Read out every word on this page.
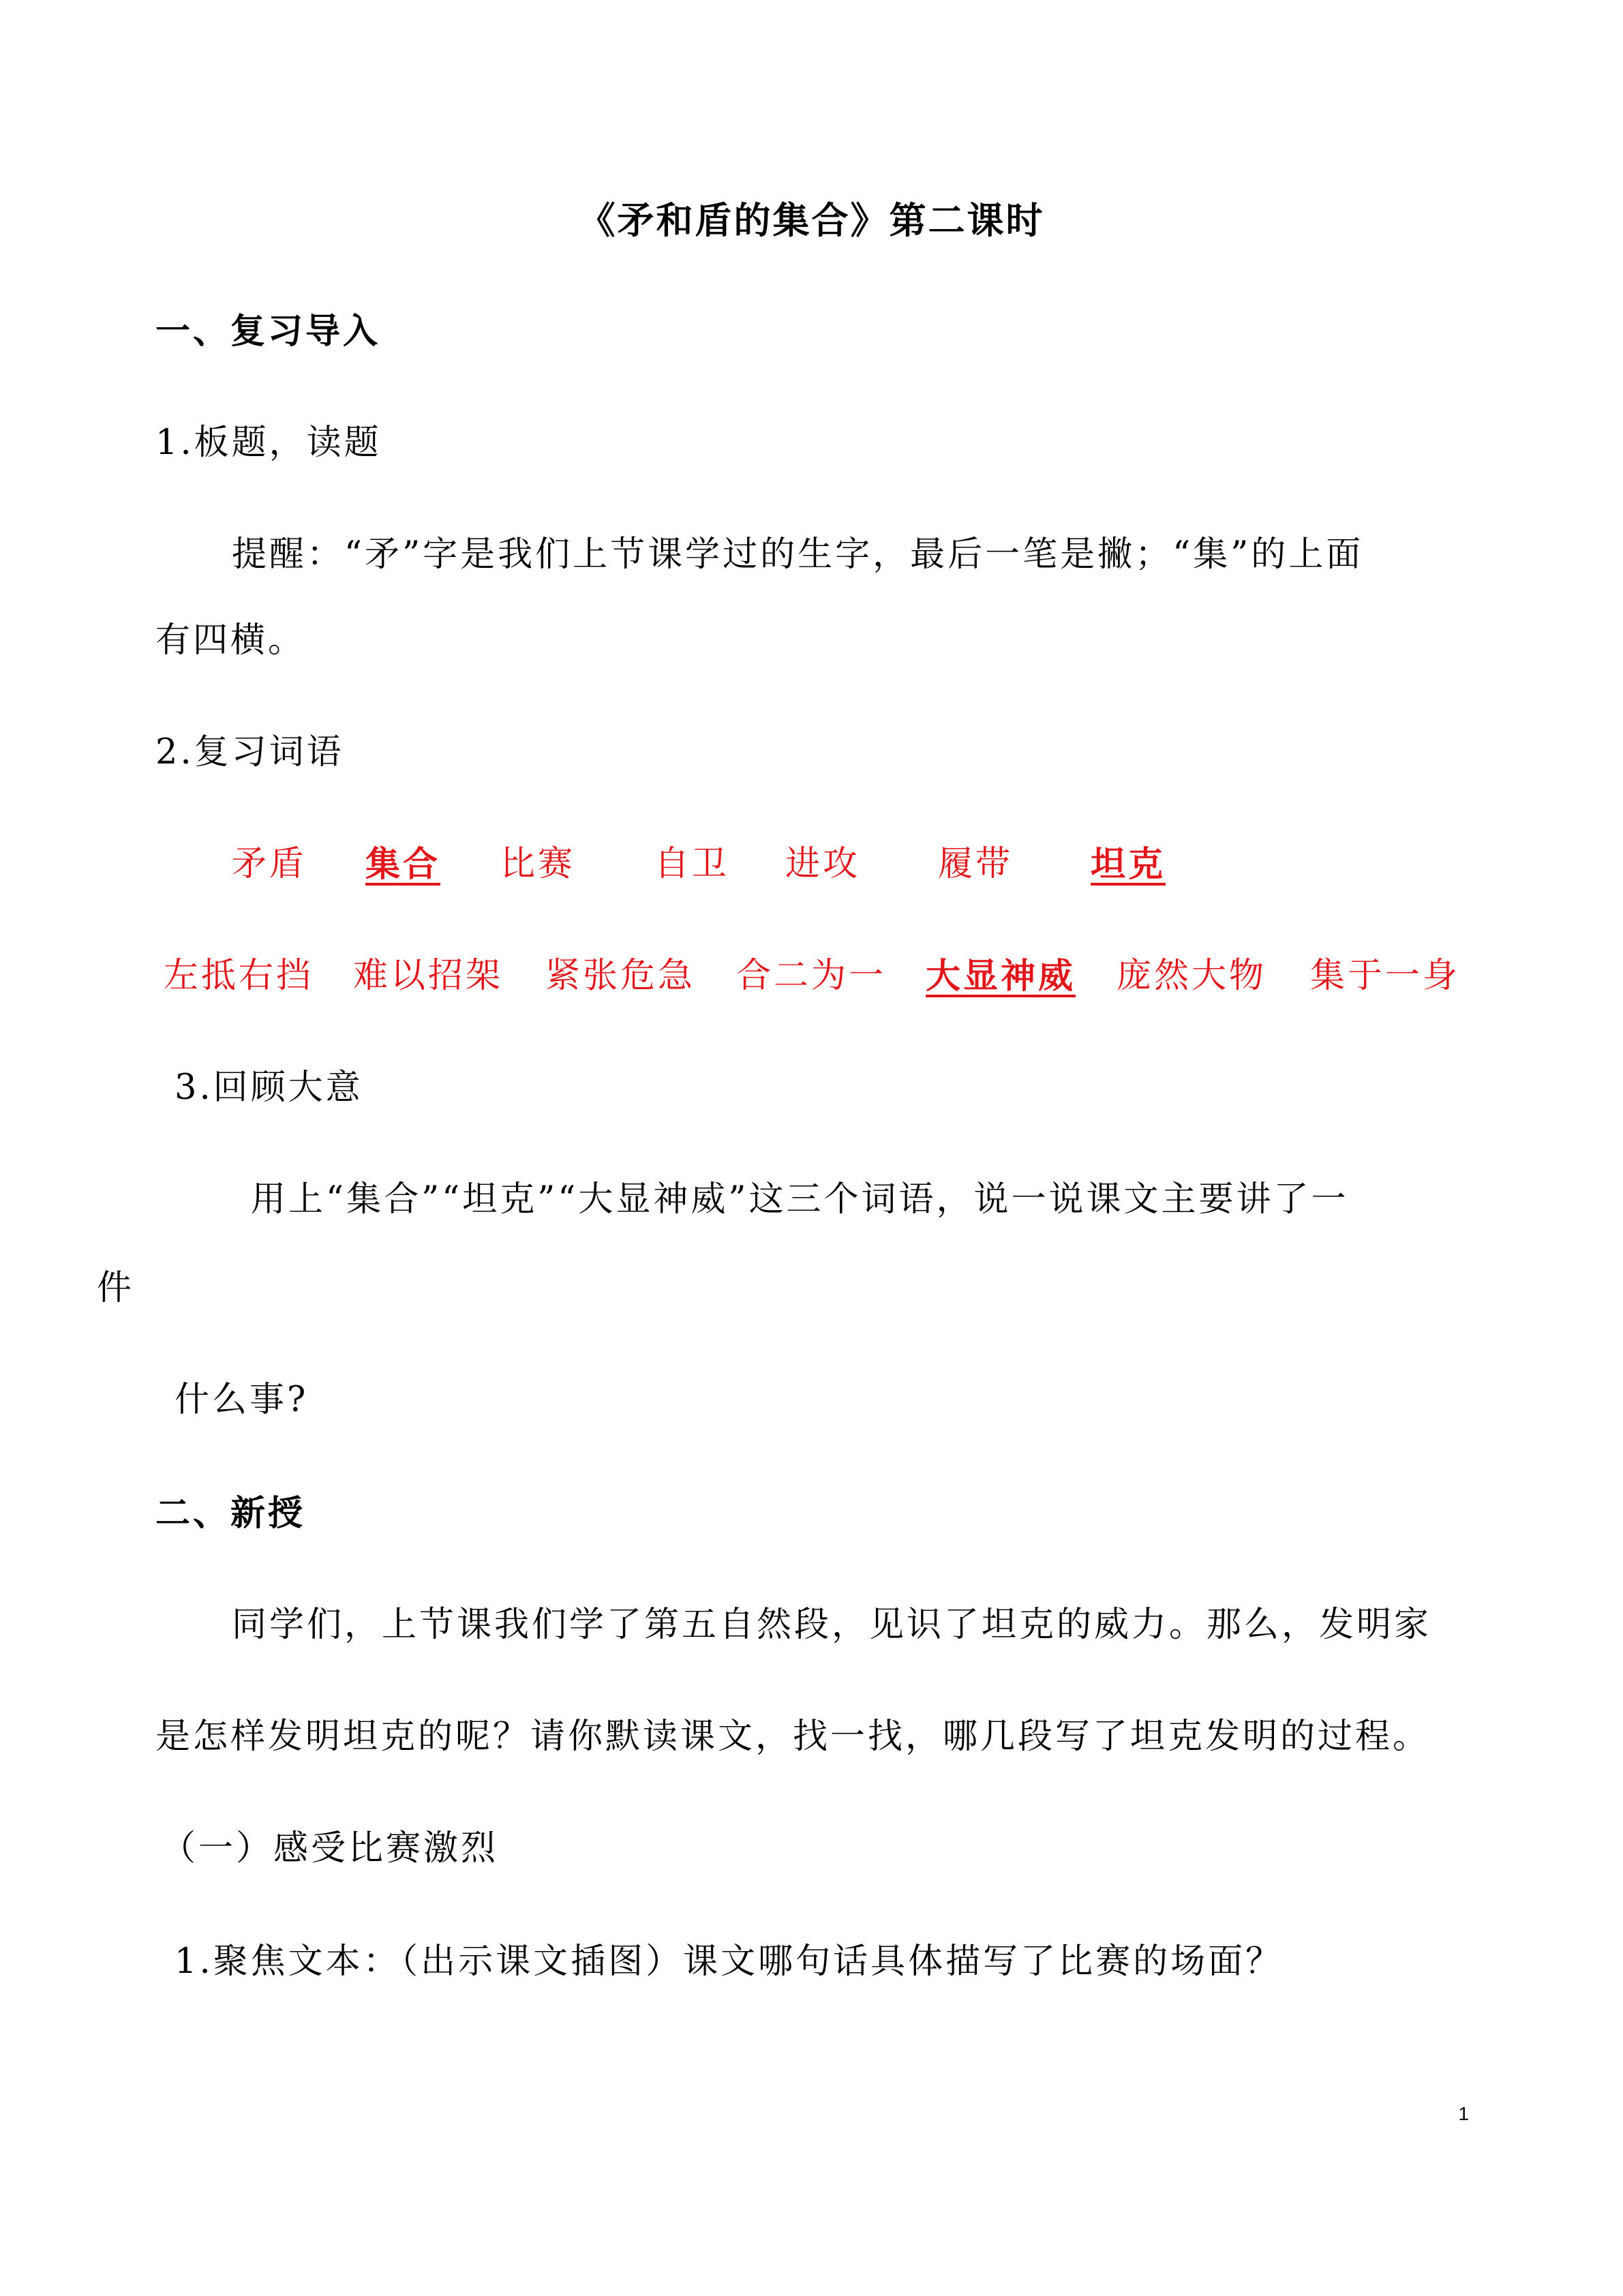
《矛和盾的集合》第二课时
一、复习导入
1.板题，读题
提醒：“矛”字是我们上节课学过的生字，最后一笔是撇；“集”的上面
有四横。
2.复习词语
矛盾 集合 比赛 自卫 进攻 履带 坦克
左抵右挡 难以招架 紧张危急 合二为一 大显神威 庞然大物 集于一身
3.回顾大意
用上“集合”“坦克”“大显神威”这三个词语，说一说课文主要讲了一
件
什么事?
二、新授
同学们，上节课我们学了第五自然段，见识了坦克的威力。那么，发明家
是怎样发明坦克的呢？请你默读课文，找一找，哪几段写了坦克发明的过程。
（一）感受比赛激烈
1.聚焦文本：（出示课文插图）课文哪句话具体描写了比赛的场面？
1
